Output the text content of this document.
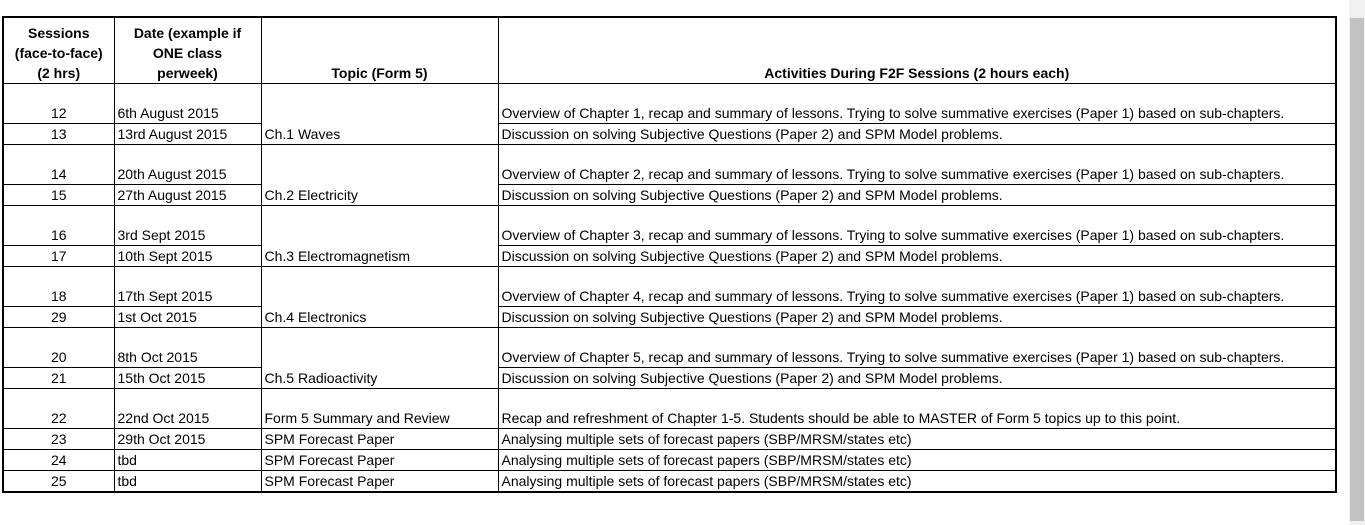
Sessions
(face-to-face)
(2 hrs)	Date (example if
ONE class
perweek)	Topic (Form 5)	Activities During F2F Sessions (2 hours each)
12	6th August 2015	Ch.1 Waves	Overview of Chapter 1, recap and summary of lessons. Trying to solve summative exercises (Paper 1) based on sub-chapters.
13	13rd August 2015		Discussion on solving Subjective Questions (Paper 2) and SPM Model problems.
14	20th August 2015	Ch.2 Electricity	Overview of Chapter 2, recap and summary of lessons. Trying to solve summative exercises (Paper 1) based on sub-chapters.
15	27th August 2015		Discussion on solving Subjective Questions (Paper 2) and SPM Model problems.
16	3rd Sept 2015	Ch.3 Electromagnetism	Overview of Chapter 3, recap and summary of lessons. Trying to solve summative exercises (Paper 1) based on sub-chapters.
17	10th Sept 2015		Discussion on solving Subjective Questions (Paper 2) and SPM Model problems.
18	17th Sept 2015	Ch.4 Electronics	Overview of Chapter 4, recap and summary of lessons. Trying to solve summative exercises (Paper 1) based on sub-chapters.
29	1st Oct 2015		Discussion on solving Subjective Questions (Paper 2) and SPM Model problems.
20	8th Oct 2015	Ch.5 Radioactivity	Overview of Chapter 5, recap and summary of lessons. Trying to solve summative exercises (Paper 1) based on sub-chapters.
21	15th Oct 2015		Discussion on solving Subjective Questions (Paper 2) and SPM Model problems.
22	22nd Oct 2015	Form 5 Summary and Review	Recap and refreshment of Chapter 1-5. Students should be able to MASTER of Form 5 topics up to this point.
23	29th Oct 2015	SPM Forecast Paper	Analysing multiple sets of forecast papers (SBP/MRSM/states etc)
24	tbd	SPM Forecast Paper	Analysing multiple sets of forecast papers (SBP/MRSM/states etc)
25	tbd	SPM Forecast Paper	Analysing multiple sets of forecast papers (SBP/MRSM/states etc)
